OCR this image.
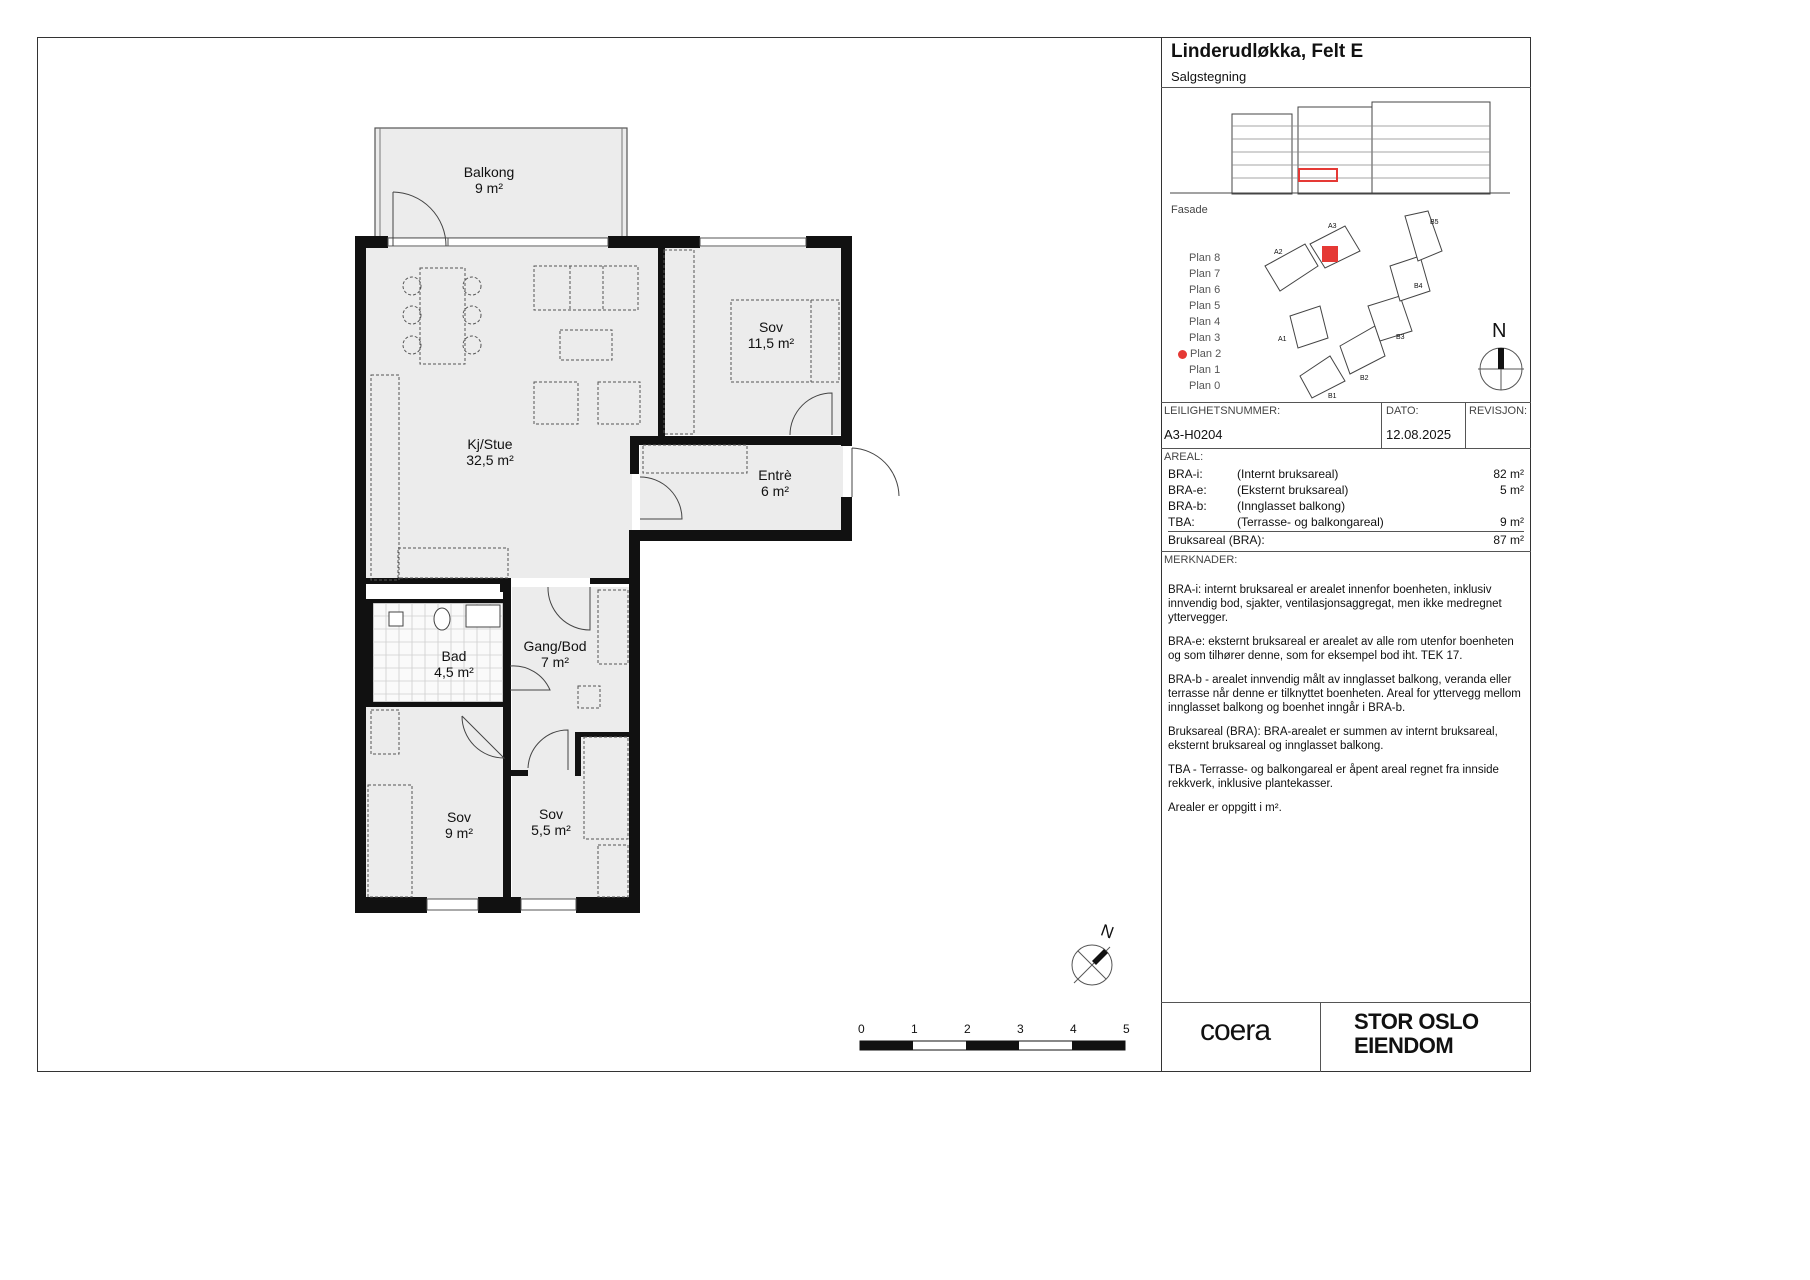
Balkong
9 m²
Sov
11,5 m²
Kj/Stue
32,5 m²
Entrè
6 m²
Bad
4,5 m²
Gang/Bod
7 m²
Sov
9 m²
Sov
5,5 m²
N
0	1	2	3	4	5
Linderudløkka, Felt E
Salgstegning
Fasade
A1
A2
A3
B1
B2
B3
B4
B5
Plan 8
Plan 7
Plan 6
Plan 5
Plan 4
Plan 3
Plan 2
Plan 1
Plan 0
N
LEILIGHETSNUMMER:
A3-H0204
DATO:
12.08.2025
REVISJON:
AREAL:
BRA-i:	(Internt bruksareal)	82 m²
BRA-e:	(Eksternt bruksareal)	5 m²
BRA-b:	(Innglasset balkong)
TBA:	(Terrasse- og balkongareal)	9 m²
Bruksareal (BRA):	87 m²
MERKNADER:
BRA-i: internt bruksareal er arealet innenfor boenheten, inklusiv innvendig bod, sjakter, ventilasjonsaggregat, men ikke medregnet yttervegger.
BRA-e: eksternt bruksareal er arealet av alle rom utenfor boenheten og som tilhører denne, som for eksempel bod iht. TEK 17.
BRA-b - arealet innvendig målt av innglasset balkong, veranda eller terrasse når denne er tilknyttet boenheten. Areal for yttervegg mellom innglasset balkong og boenhet inngår i BRA-b.
Bruksareal (BRA): BRA-arealet er summen av internt bruksareal, eksternt bruksareal og innglasset balkong.
TBA - Terrasse- og balkongareal er åpent areal regnet fra innside rekkverk, inklusive plantekasser.
Arealer er oppgitt i m².
coera	STOR OSLO
EIENDOM
